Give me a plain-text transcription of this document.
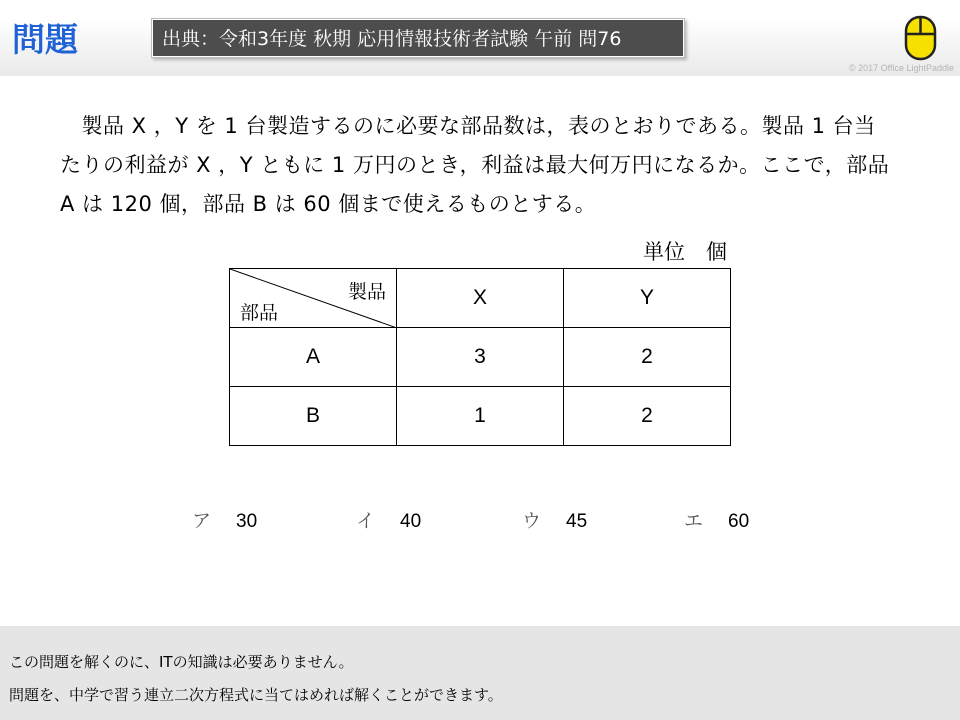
問題	出典：令和3年度 秋期 応用情報技術者試験 午前 問76
© 2017 Office LightPaddle

　製品 X ，Y を 1 台製造するのに必要な部品数は，表のとおりである。製品 1 台当

たりの利益が X ，Y ともに 1 万円のとき，利益は最大何万円になるか。ここで，部品

A は 120 個，部品 B は 60 個まで使えるものとする。

単位　個
製品
部品	X	Y
A	3	2
B	1	2
ア 30	イ 40	ウ 45	エ 60

この問題を解くのに、ITの知識は必要ありません。

問題を、中学で習う連立二次方程式に当てはめれば解くことができます。
